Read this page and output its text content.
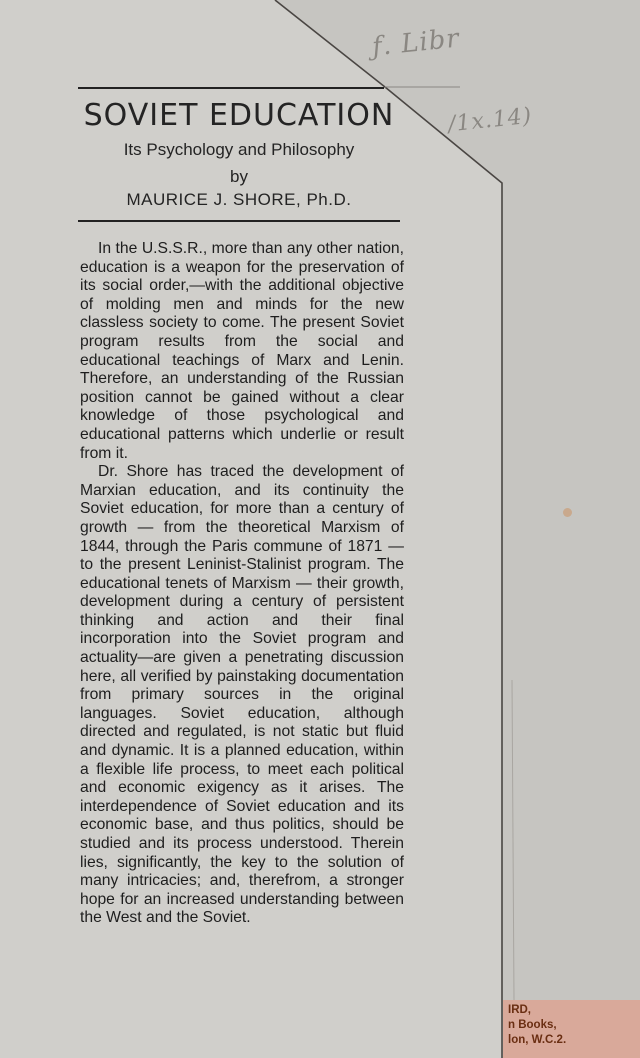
ƒ. Libr
/1x.14)
SOVIET EDUCATION
Its Psychology and Philosophy
by
MAURICE J. SHORE, Ph.D.

In the U.S.S.R., more than any other nation, education is a weapon for the preservation of its social order,—with the additional objective of molding men and minds for the new classless society to come. The present Soviet program results from the social and educational teachings of Marx and Lenin. Therefore, an understanding of the Russian position cannot be gained without a clear knowledge of those psychological and educational patterns which underlie or result from it.

Dr. Shore has traced the development of Marxian education, and its continuity the Soviet education, for more than a century of growth — from the theoretical Marxism of 1844, through the Paris commune of 1871 — to the present Leninist-Stalinist program. The educational tenets of Marxism — their growth, development during a century of persistent thinking and action and their final incorporation into the Soviet program and actuality—are given a penetrating discussion here, all verified by painstaking documentation from primary sources in the original languages. Soviet education, although directed and regulated, is not static but fluid and dynamic. It is a planned education, within a flexible life process, to meet each political and economic exigency as it arises. The interdependence of Soviet education and its economic base, and thus politics, should be studied and its process understood. Therein lies, significantly, the key to the solution of many intricacies; and, therefrom, a stronger hope for an increased understanding between the West and the Soviet.

IRD,
n Books,
lon, W.C.2.
